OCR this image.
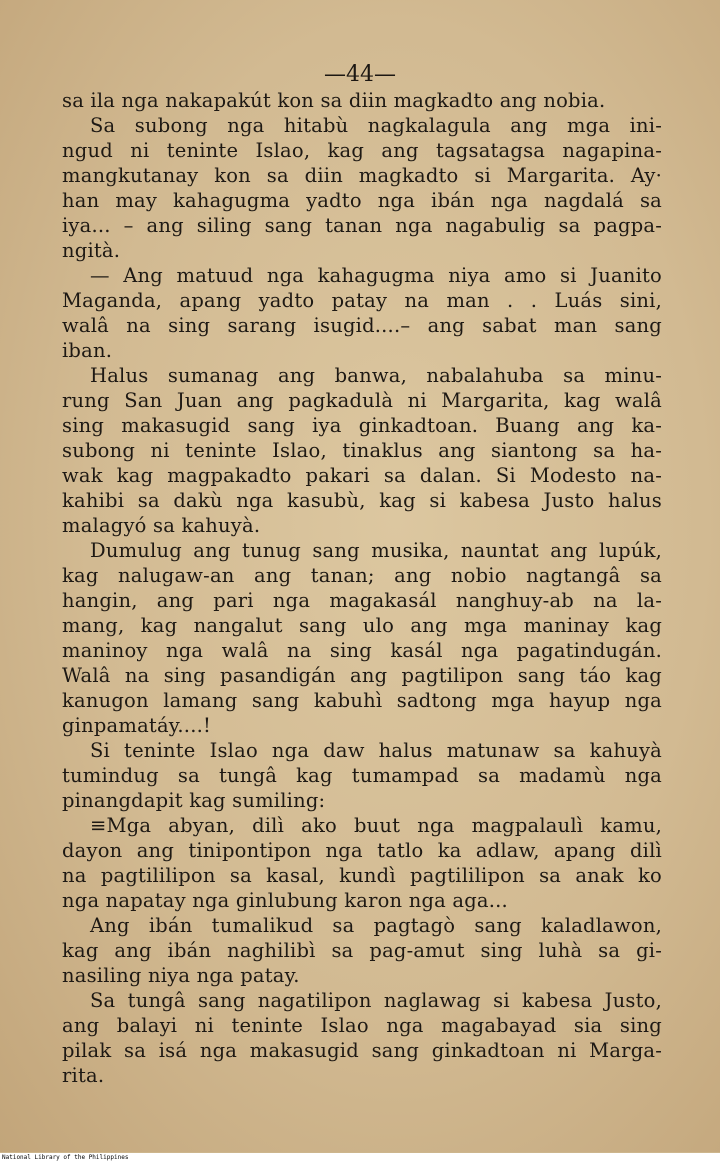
—44—
sa ila nga nakapakút kon sa diin magkadto ang nobia.
Sa subong nga hitabù nagkalagula ang mga ini-
ngud ni teninte Islao, kag ang tagsatagsa nagapina-
mangkutanay kon sa diin magkadto si Margarita. Ay·
han may kahagugma yadto nga ibán nga nagdalá sa
iya... – ang siling sang tanan nga nagabulig sa pagpa-
ngità.
— Ang matuud nga kahagugma niya amo si Juanito
Maganda, apang yadto patay na man . . Luás sini,
walâ na sing sarang isugid....– ang sabat man sang
iban.
Halus sumanag ang banwa, nabalahuba sa minu-
rung San Juan ang pagkadulà ni Margarita, kag walâ
sing makasugid sang iya ginkadtoan. Buang ang ka-
subong ni teninte Islao, tinaklus ang siantong sa ha-
wak kag magpakadto pakari sa dalan. Si Modesto na-
kahibi sa dakù nga kasubù, kag si kabesa Justo halus
malagyó sa kahuyà.
Dumulug ang tunug sang musika, nauntat ang lupúk,
kag nalugaw-an ang tanan; ang nobio nagtangâ sa
hangin, ang pari nga magakasál nanghuy-ab na la-
mang, kag nangalut sang ulo ang mga maninay kag
maninoy nga walâ na sing kasál nga pagatindugán.
Walâ na sing pasandigán ang pagtilipon sang táo kag
kanugon lamang sang kabuhì sadtong mga hayup nga
ginpamatáy....!
Si teninte Islao nga daw halus matunaw sa kahuyà
tumindug sa tungâ kag tumampad sa madamù nga
pinangdapit kag sumiling:
≡Mga abyan, dilì ako buut nga magpalaulì kamu,
dayon ang tinipontipon nga tatlo ka adlaw, apang dilì
na pagtililipon sa kasal, kundì pagtililipon sa anak ko
nga napatay nga ginlubung karon nga aga...
Ang ibán tumalikud sa pagtagò sang kaladlawon,
kag ang ibán naghilibì sa pag-amut sing luhà sa gi-
nasiling niya nga patay.
Sa tungâ sang nagatilipon naglawag si kabesa Justo,
ang balayi ni teninte Islao nga magabayad sia sing
pilak sa isá nga makasugid sang ginkadtoan ni Marga-
rita.
National Library of the Philippines
